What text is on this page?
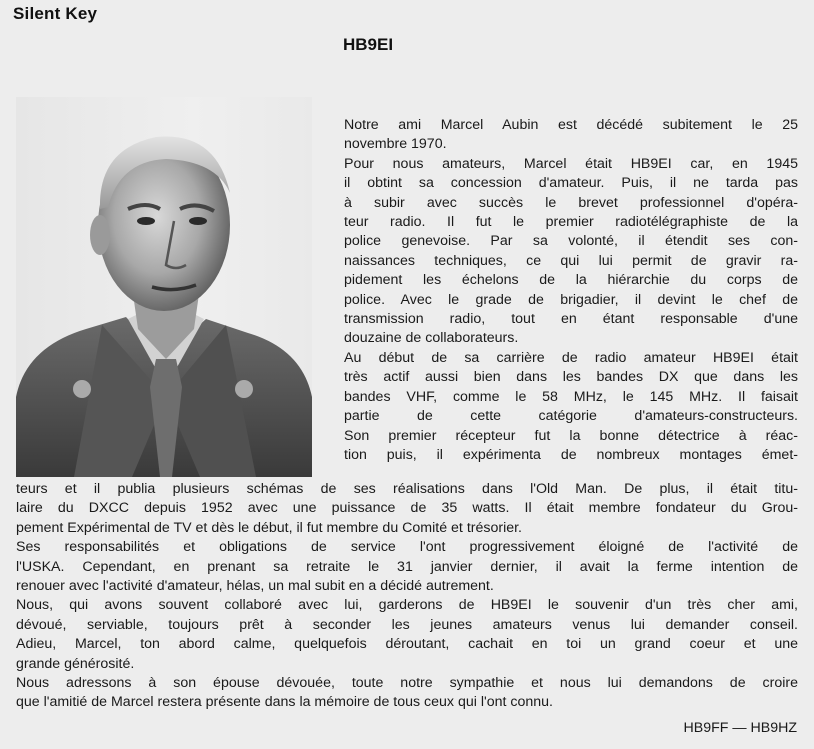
Silent Key
HB9EI
Notre ami Marcel Aubin est décédé subitement le 25
novembre 1970.
Pour nous amateurs, Marcel était HB9EI car, en 1945
il obtint sa concession d'amateur. Puis, il ne tarda pas
à subir avec succès le brevet professionnel d'opéra-
teur radio. Il fut le premier radiotélégraphiste de la
police genevoise. Par sa volonté, il étendit ses con-
naissances techniques, ce qui lui permit de gravir ra-
pidement les échelons de la hiérarchie du corps de
police. Avec le grade de brigadier, il devint le chef de
transmission radio, tout en étant responsable d'une
douzaine de collaborateurs.
Au début de sa carrière de radio amateur HB9EI était
très actif aussi bien dans les bandes DX que dans les
bandes VHF, comme le 58 MHz, le 145 MHz. Il faisait
partie de cette catégorie d'amateurs-constructeurs.
Son premier récepteur fut la bonne détectrice à réac-
tion puis, il expérimenta de nombreux montages émet-
teurs et il publia plusieurs schémas de ses réalisations dans l'Old Man. De plus, il était titu-
laire du DXCC depuis 1952 avec une puissance de 35 watts. Il était membre fondateur du Grou-
pement Expérimental de TV et dès le début, il fut membre du Comité et trésorier.
Ses responsabilités et obligations de service l'ont progressivement éloigné de l'activité de
l'USKA. Cependant, en prenant sa retraite le 31 janvier dernier, il avait la ferme intention de
renouer avec l'activité d'amateur, hélas, un mal subit en a décidé autrement.
Nous, qui avons souvent collaboré avec lui, garderons de HB9EI le souvenir d'un très cher ami,
dévoué, serviable, toujours prêt à seconder les jeunes amateurs venus lui demander conseil.
Adieu, Marcel, ton abord calme, quelquefois déroutant, cachait en toi un grand coeur et une
grande générosité.
Nous adressons à son épouse dévouée, toute notre sympathie et nous lui demandons de croire
que l'amitié de Marcel restera présente dans la mémoire de tous ceux qui l'ont connu.
HB9FF — HB9HZ
